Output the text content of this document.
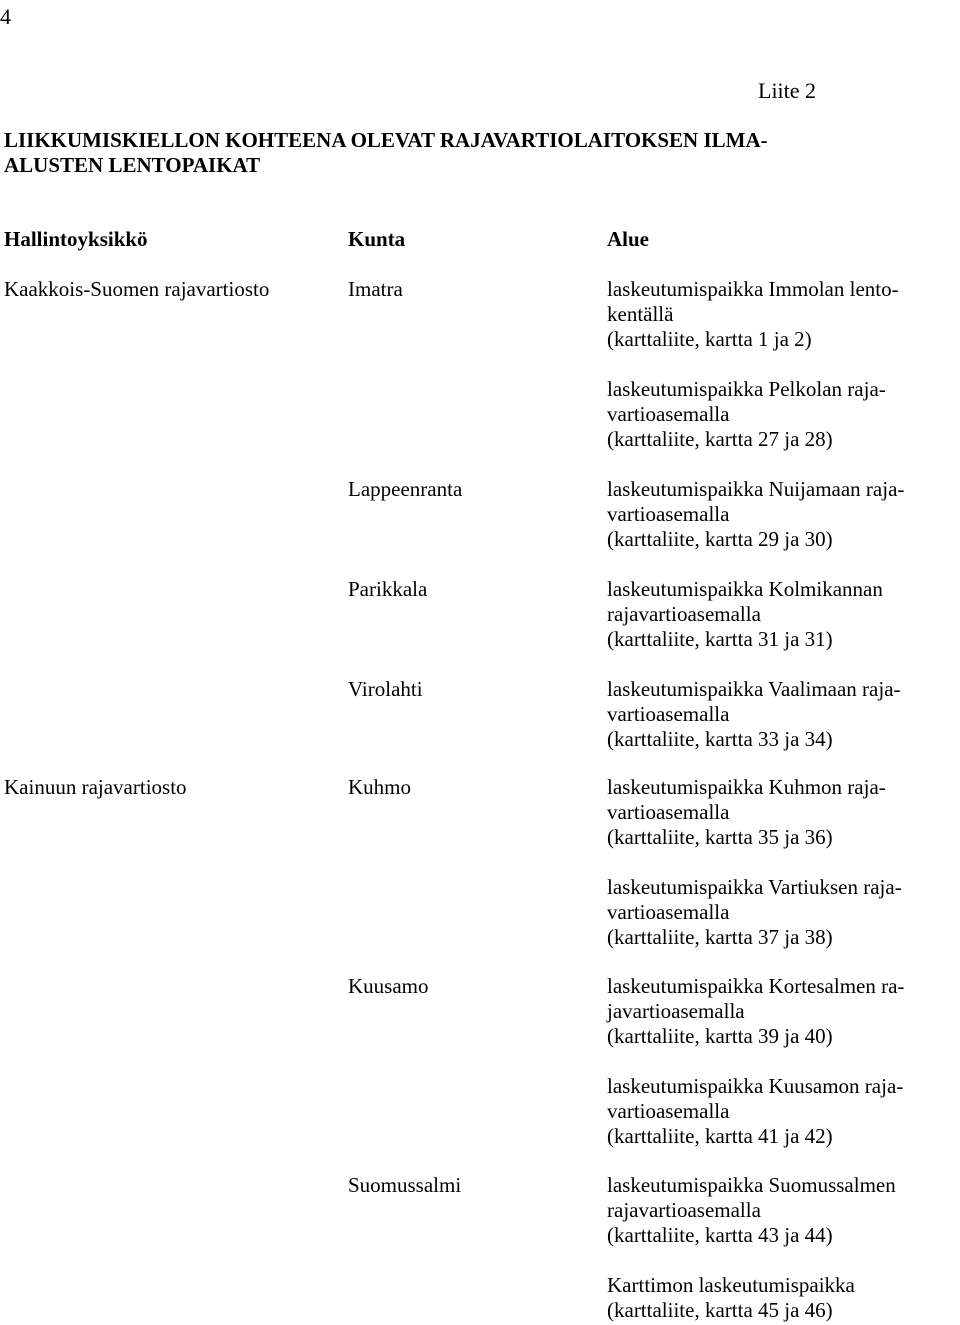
4
Liite 2
LIIKKUMISKIELLON KOHTEENA OLEVAT RAJAVARTIOLAITOKSEN ILMA-
ALUSTEN LENTOPAIKAT
Hallintoyksikkö	Kunta	Alue
Kaakkois-Suomen rajavartiosto	Imatra	laskeutumispaikka Immolan lento-
kentällä
(karttaliite, kartta 1 ja 2)
laskeutumispaikka Pelkolan raja-
vartioasemalla
(karttaliite, kartta 27 ja 28)
Lappeenranta	laskeutumispaikka Nuijamaan raja-
vartioasemalla
(karttaliite, kartta 29 ja 30)
Parikkala	laskeutumispaikka Kolmikannan
rajavartioasemalla
(karttaliite, kartta 31 ja 31)
Virolahti	laskeutumispaikka Vaalimaan raja-
vartioasemalla
(karttaliite, kartta 33 ja 34)
Kainuun rajavartiosto	Kuhmo	laskeutumispaikka Kuhmon raja-
vartioasemalla
(karttaliite, kartta 35 ja 36)
laskeutumispaikka Vartiuksen raja-
vartioasemalla
(karttaliite, kartta 37 ja 38)
Kuusamo	laskeutumispaikka Kortesalmen ra-
javartioasemalla
(karttaliite, kartta 39 ja 40)
laskeutumispaikka Kuusamon raja-
vartioasemalla
(karttaliite, kartta 41 ja 42)
Suomussalmi	laskeutumispaikka Suomussalmen
rajavartioasemalla
(karttaliite, kartta 43 ja 44)
Karttimon laskeutumispaikka
(karttaliite, kartta 45 ja 46)
